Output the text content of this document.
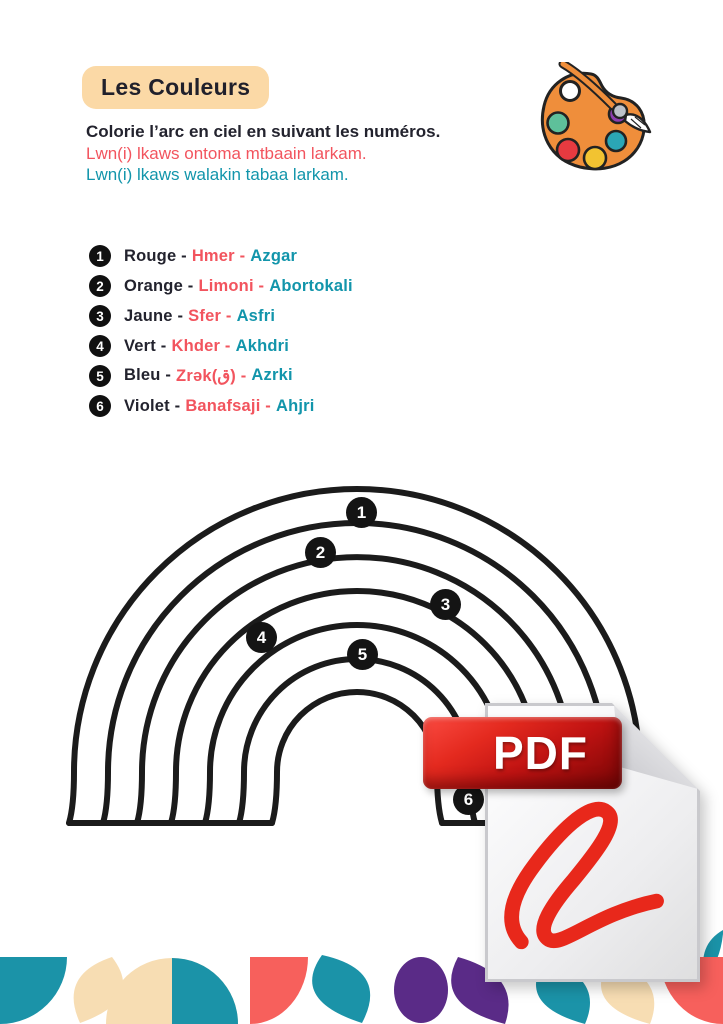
Les Couleurs
Colorie l’arc en ciel en suivant les numéros.
Lwn(i) lkaws ontoma mtbaain larkam.
Lwn(i) lkaws walakin tabaa larkam.
1	Rouge - Hmer - Azgar
2	Orange - Limoni - Abortokali
3	Jaune - Sfer - Asfri
4	Vert - Khder - Akhdri
5	Bleu - Zrək(ق) - Azrki
6	Violet - Banafsaji - Ahjri
1
2
3
4
5
6
PDF
